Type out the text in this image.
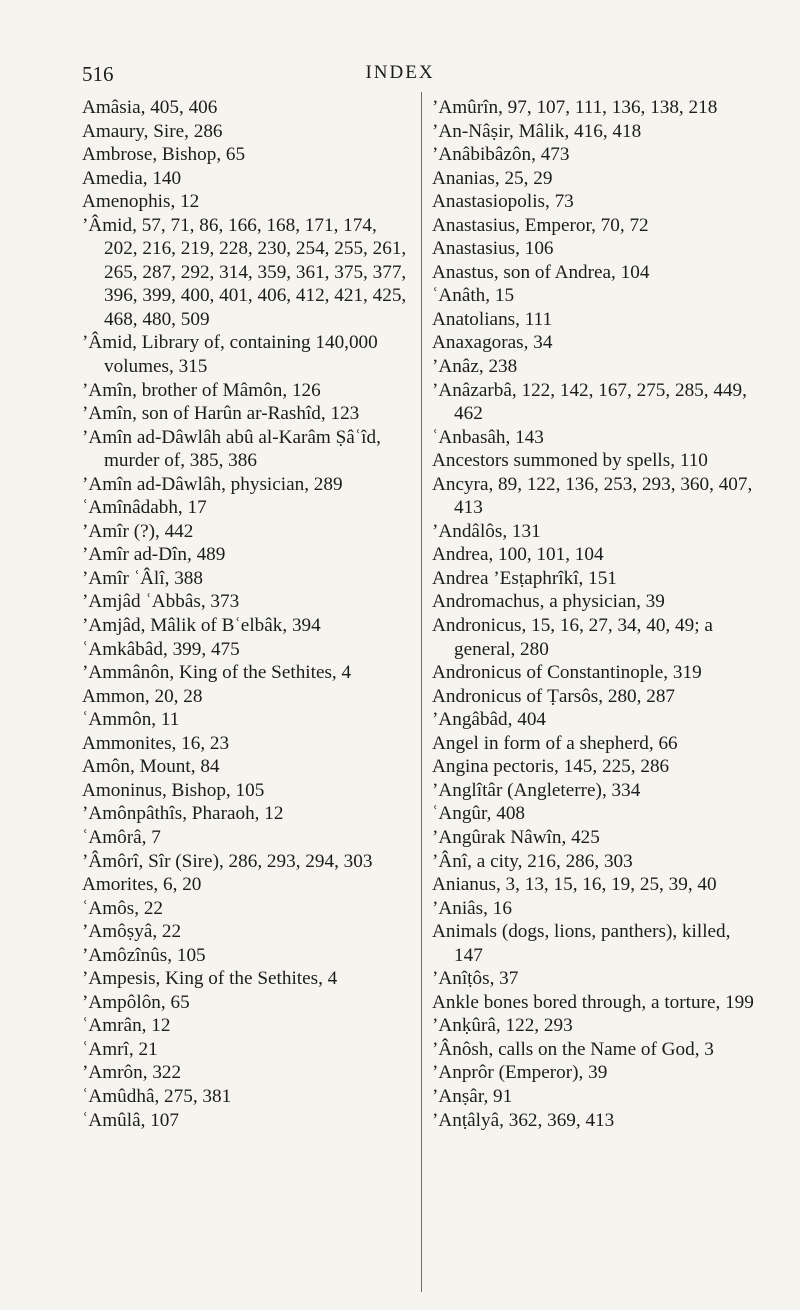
516	INDEX

Amâsia, 405, 406

Amaury, Sire, 286

Ambrose, Bishop, 65

Amedia, 140

Amenophis, 12

’Âmid, 57, 71, 86, 166, 168, 171, 174, 202, 216, 219, 228, 230, 254, 255, 261, 265, 287, 292, 314, 359, 361, 375, 377, 396, 399, 400, 401, 406, 412, 421, 425, 468, 480, 509

’Âmid, Library of, containing 140,000 volumes, 315

’Amîn, brother of Mâmôn, 126

’Amîn, son of Harûn ar-Rashîd, 123

’Amîn ad-Dâwlâh abû al-Karâm Ṣâʿîd, murder of, 385, 386

’Amîn ad-Dâwlâh, physician, 289

ʿAmînâdabh, 17

’Amîr (?), 442

’Amîr ad-Dîn, 489

’Amîr ʿÂlî, 388

’Amjâd ʿAbbâs, 373

’Amjâd, Mâlik of Bʿelbâk, 394

ʿAmkâbâd, 399, 475

’Ammânôn, King of the Sethites, 4

Ammon, 20, 28

ʿAmmôn, 11

Ammonites, 16, 23

Amôn, Mount, 84

Amoninus, Bishop, 105

’Amônpâthîs, Pharaoh, 12

ʿAmôrâ, 7

’Âmôrî, Sîr (Sire), 286, 293, 294, 303

Amorites, 6, 20

ʿAmôs, 22

’Amôṣyâ, 22

’Amôzînûs, 105

’Ampesis, King of the Sethites, 4

’Ampôlôn, 65

ʿAmrân, 12

ʿAmrî, 21

’Amrôn, 322

ʿAmûdhâ, 275, 381

ʿAmûlâ, 107

’Amûrîn, 97, 107, 111, 136, 138, 218

’An-Nâṣir, Mâlik, 416, 418

’Anâbibâzôn, 473

Ananias, 25, 29

Anastasiopolis, 73

Anastasius, Emperor, 70, 72

Anastasius, 106

Anastus, son of Andrea, 104

ʿAnâth, 15

Anatolians, 111

Anaxagoras, 34

’Anâz, 238

’Anâzarbâ, 122, 142, 167, 275, 285, 449, 462

ʿAnbasâh, 143

Ancestors summoned by spells, 110

Ancyra, 89, 122, 136, 253, 293, 360, 407, 413

’Andâlôs, 131

Andrea, 100, 101, 104

Andrea ’Esṭaphrîkî, 151

Andromachus, a physician, 39

Andronicus, 15, 16, 27, 34, 40, 49; a general, 280

Andronicus of Constantinople, 319

Andronicus of Ṭarsôs, 280, 287

’Angâbâd, 404

Angel in form of a shepherd, 66

Angina pectoris, 145, 225, 286

’Anglîtâr (Angleterre), 334

ʿAngûr, 408

’Angûrak Nâwîn, 425

’Ânî, a city, 216, 286, 303

Anianus, 3, 13, 15, 16, 19, 25, 39, 40

’Aniâs, 16

Animals (dogs, lions, panthers), killed, 147

’Anîṭôs, 37

Ankle bones bored through, a torture, 199

’Anḳûrâ, 122, 293

’Ânôsh, calls on the Name of God, 3

’Anprôr (Emperor), 39

’Anṣâr, 91

’Anṭâlyâ, 362, 369, 413
